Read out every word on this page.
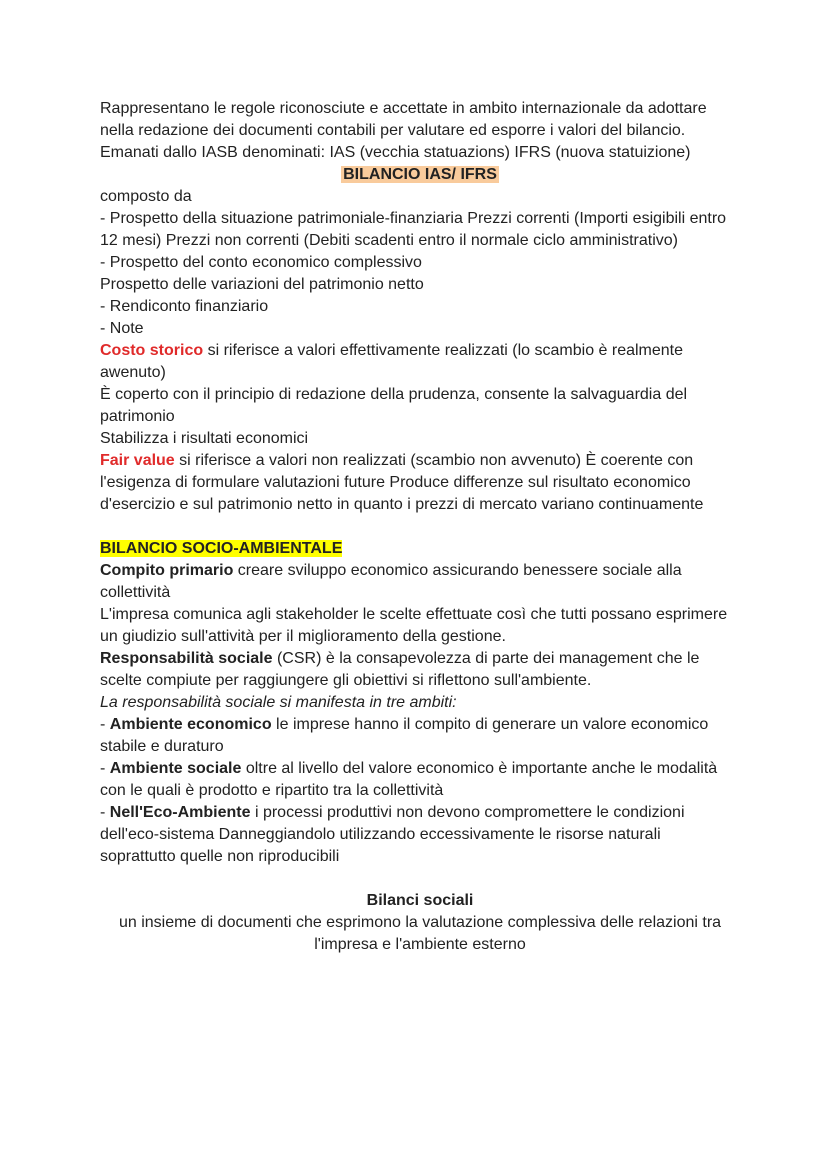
Rappresentano le regole riconosciute e accettate in ambito internazionale da adottare nella redazione dei documenti contabili per valutare ed esporre i valori del bilancio.

Emanati dallo IASB denominati: IAS (vecchia statuazions) IFRS (nuova statuizione)

BILANCIO IAS/ IFRS

composto da

- Prospetto della situazione patrimoniale-finanziaria Prezzi correnti (Importi esigibili entro 12 mesi) Prezzi non correnti (Debiti scadenti entro il normale ciclo amministrativo)

- Prospetto del conto economico complessivo

Prospetto delle variazioni del patrimonio netto

- Rendiconto finanziario

- Note

Costo storico si riferisce a valori effettivamente realizzati (lo scambio è realmente awenuto)

È coperto con il principio di redazione della prudenza, consente la salvaguardia del patrimonio

Stabilizza i risultati economici

Fair value si riferisce a valori non realizzati (scambio non avvenuto) È coerente con l'esigenza di formulare valutazioni future Produce differenze sul risultato economico d'esercizio e sul patrimonio netto in quanto i prezzi di mercato variano continuamente

BILANCIO SOCIO-AMBIENTALE

Compito primario creare sviluppo economico assicurando benessere sociale alla collettività

L'impresa comunica agli stakeholder le scelte effettuate così che tutti possano esprimere un giudizio sull'attività per il miglioramento della gestione.

Responsabilità sociale (CSR) è la consapevolezza di parte dei management che le scelte compiute per raggiungere gli obiettivi si riflettono sull'ambiente.

La responsabilità sociale si manifesta in tre ambiti:

- Ambiente economico le imprese hanno il compito di generare un valore economico stabile e duraturo

- Ambiente sociale oltre al livello del valore economico è importante anche le modalità con le quali è prodotto e ripartito tra la collettività

- Nell'Eco-Ambiente i processi produttivi non devono compromettere le condizioni dell'eco-sistema Danneggiandolo utilizzando eccessivamente le risorse naturali soprattutto quelle non riproducibili

Bilanci sociali

un insieme di documenti che esprimono la valutazione complessiva delle relazioni tra l'impresa e l'ambiente esterno
